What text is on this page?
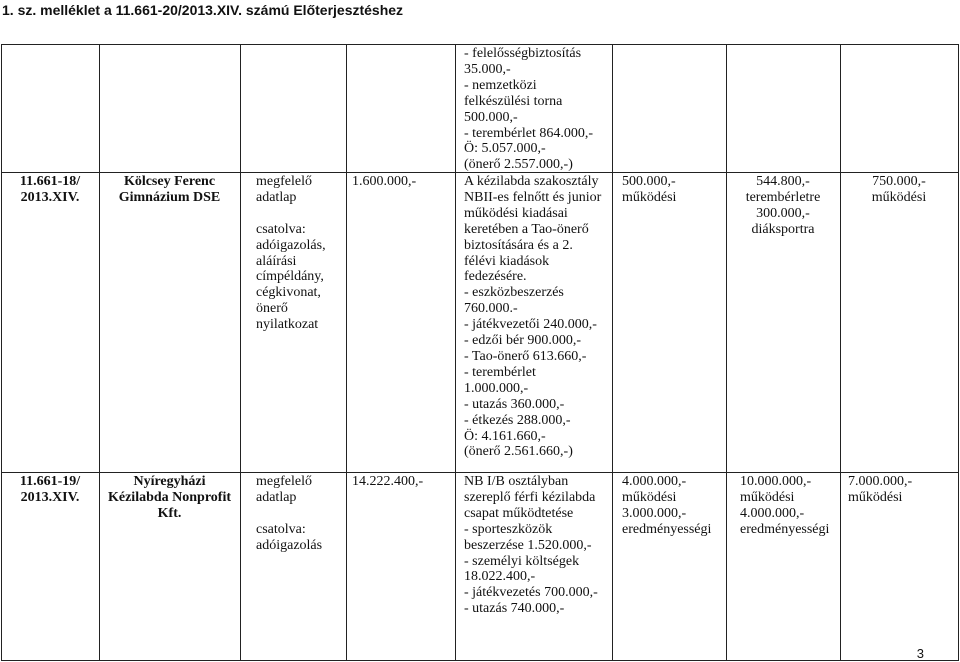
1. sz. melléklet a 11.661-20/2013.XIV. számú Előterjesztéshez
- felelősségbiztosítás
35.000,-
- nemzetközi
felkészülési torna
500.000,-
- terembérlet 864.000,-
Ö: 5.057.000,-
(önerő 2.557.000,-)
11.661-18/
2013.XIV.
Kölcsey Ferenc
Gimnázium DSE
megfelelő
adatlap

csatolva:
adóigazolás,
aláírási
címpéldány,
cégkivonat,
önerő
nyilatkozat
1.600.000,-	A kézilabda szakosztály
NBII-es felnőtt és junior
működési kiadásai
keretében a Tao-önerő
biztosítására és a 2.
félévi kiadások
fedezésére.
- eszközbeszerzés
760.000.-
- játékvezetői 240.000,-
- edzői bér 900.000,-
- Tao-önerő 613.660,-
- terembérlet
1.000.000,-
- utazás 360.000,-
- étkezés 288.000,-
Ö: 4.161.660,-
(önerő 2.561.660,-)
500.000,-
működési
544.800,-
terembérletre
300.000,-
diáksportra
750.000,-
működési
11.661-19/
2013.XIV.
Nyíregyházi
Kézilabda Nonprofit
Kft.
megfelelő
adatlap

csatolva:
adóigazolás
14.222.400,-	NB I/B osztályban
szereplő férfi kézilabda
csapat működtetése
- sporteszközök
beszerzése 1.520.000,-
- személyi költségek
18.022.400,-
- játékvezetés 700.000,-
- utazás 740.000,-
4.000.000,-
működési
3.000.000,-
eredményességi
10.000.000,-
működési
4.000.000,-
eredményességi
7.000.000,-
működési
3
